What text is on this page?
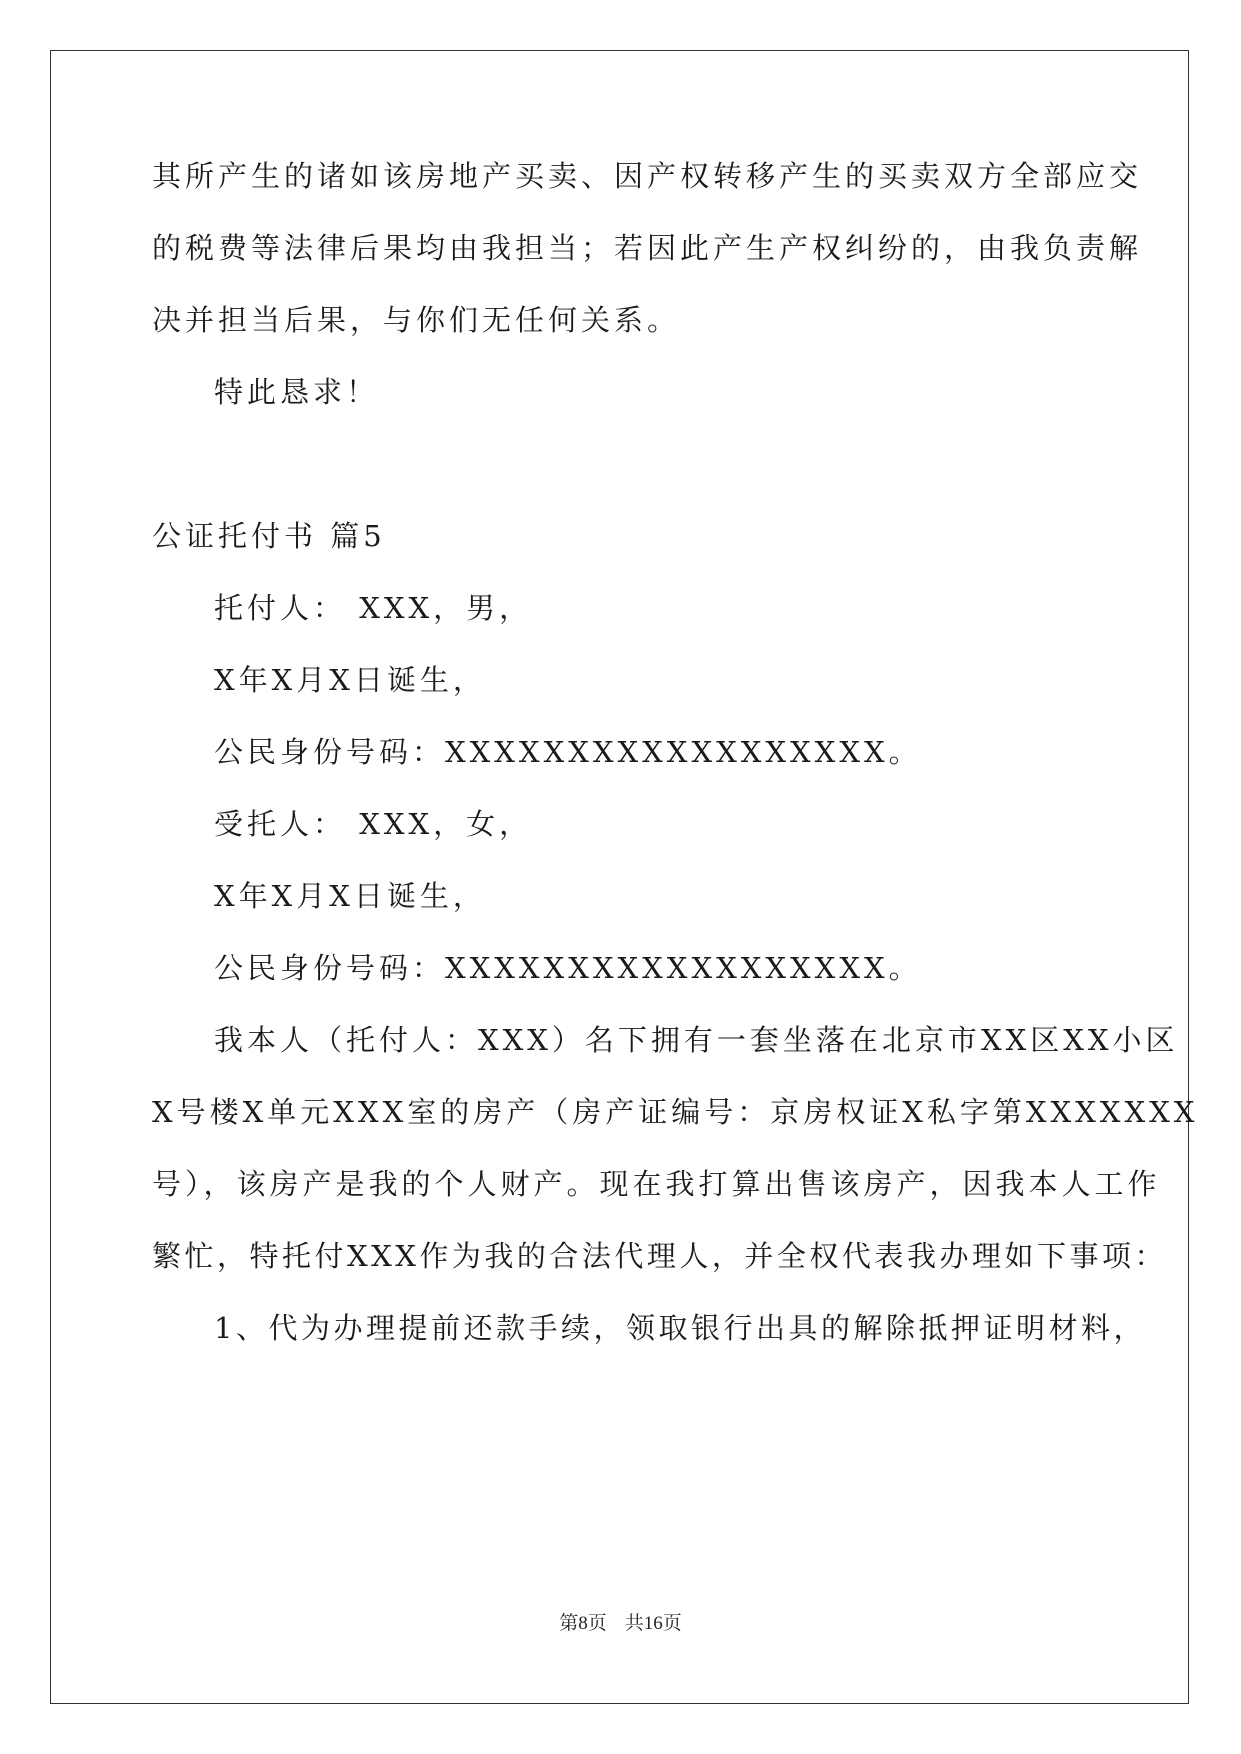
其所产生的诸如该房地产买卖、因产权转移产生的买卖双方全部应交
的税费等法律后果均由我担当；若因此产生产权纠纷的，由我负责解
决并担当后果，与你们无任何关系。
特此恳求！
公证托付书 篇5
托付人： XXX，男，
X年X月X日诞生，
公民身份号码：XXXXXXXXXXXXXXXXXX。
受托人： XXX，女，
X年X月X日诞生，
公民身份号码：XXXXXXXXXXXXXXXXXX。
我本人（托付人：XXX）名下拥有一套坐落在北京市XX区XX小区
X号楼X单元XXX室的房产（房产证编号：京房权证X私字第XXXXXXX
号），该房产是我的个人财产。现在我打算出售该房产，因我本人工作
繁忙，特托付XXX作为我的合法代理人，并全权代表我办理如下事项：
1、代为办理提前还款手续，领取银行出具的解除抵押证明材料，
第8页 共16页
